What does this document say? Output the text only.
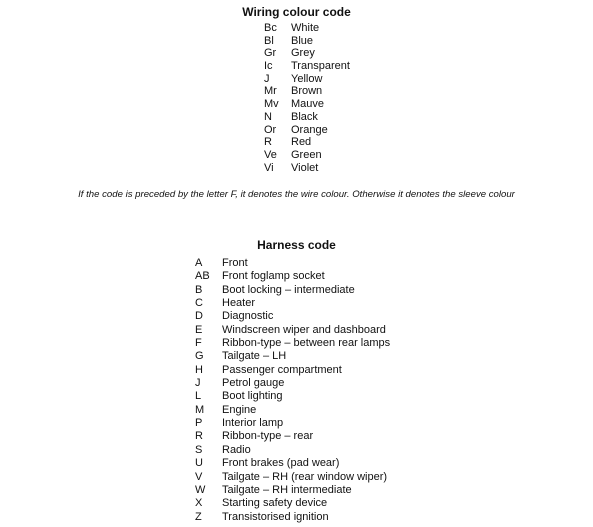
Wiring colour code
Bc	White
Bl	Blue
Gr	Grey
Ic	Transparent
J	Yellow
Mr	Brown
Mv	Mauve
N	Black
Or	Orange
R	Red
Ve	Green
Vi	Violet
If the code is preceded by the letter F, it denotes the wire colour. Otherwise it denotes the sleeve colour
Harness code
A	Front
AB	Front foglamp socket
B	Boot locking – intermediate
C	Heater
D	Diagnostic
E	Windscreen wiper and dashboard
F	Ribbon-type – between rear lamps
G	Tailgate – LH
H	Passenger compartment
J	Petrol gauge
L	Boot lighting
M	Engine
P	Interior lamp
R	Ribbon-type – rear
S	Radio
U	Front brakes (pad wear)
V	Tailgate – RH (rear window wiper)
W	Tailgate – RH intermediate
X	Starting safety device
Z	Transistorised ignition
